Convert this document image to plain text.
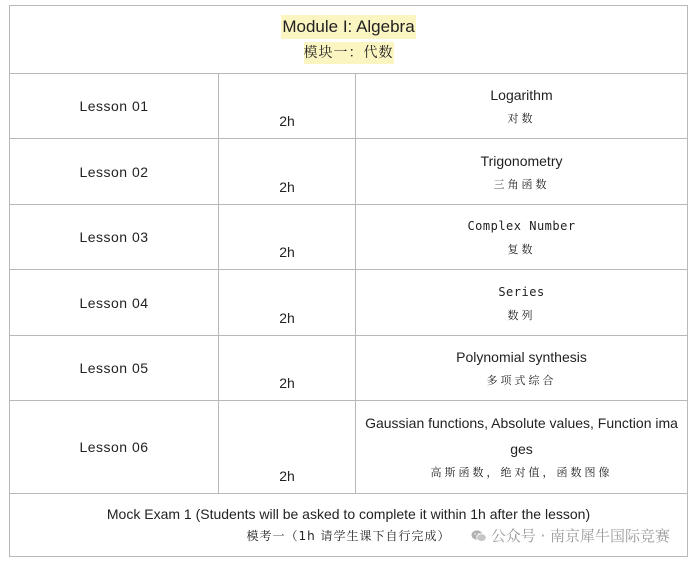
Module I: Algebra
模块一：代数		
Lesson 01	2h	Logarithm
对数

Lesson 02	2h	Trigonometry
三角函数

Lesson 03	2h	Complex Number
复数

Lesson 04	2h	Series
数列

Lesson 05	2h	Polynomial synthesis
多项式综合

Lesson 06	2h	Gaussian functions, Absolute values, Function images
高斯函数，绝对值，函数图像

Mock Exam 1 (Students will be asked to complete it within 1h after the lesson)
模考一（1h 请学生课下自行完成）			公众号 · 南京犀牛国际竞赛
